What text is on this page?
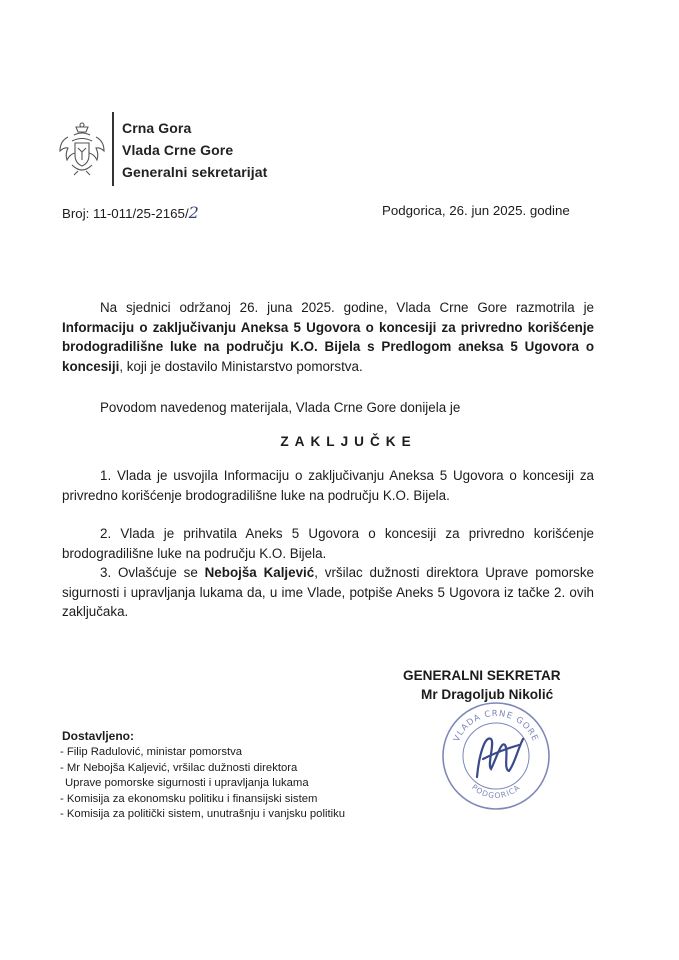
Crna Gora
Vlada Crne Gore
Generalni sekretarijat
Broj: 11-011/25-2165/2	Podgorica, 26. jun 2025. godine
Na sjednici održanoj 26. juna 2025. godine, Vlada Crne Gore razmotrila je Informaciju o zaključivanju Aneksa 5 Ugovora o koncesiji za privredno korišćenje brodogradilišne luke na području K.O. Bijela s Predlogom aneksa 5 Ugovora o koncesiji, koji je dostavilo Ministarstvo pomorstva.
Povodom navedenog materijala, Vlada Crne Gore donijela je
ZAKLJUČKE
1. Vlada je usvojila Informaciju o zaključivanju Aneksa 5 Ugovora o koncesiji za privredno korišćenje brodogradilišne luke na području K.O. Bijela.
2. Vlada je prihvatila Aneks 5 Ugovora o koncesiji za privredno korišćenje brodogradilišne luke na području K.O. Bijela.
3. Ovlašćuje se Nebojša Kaljević, vršilac dužnosti direktora Uprave pomorske sigurnosti i upravljanja lukama da, u ime Vlade, potpiše Aneks 5 Ugovora iz tačke 2. ovih zaključaka.
GENERALNI SEKRETAR
Mr Dragoljub Nikolić
VLADA CRNE GORE
PODGORICA
Dostavljeno:
- Filip Radulović, ministar pomorstva
- Mr Nebojša Kaljević, vršilac dužnosti direktora
Uprave pomorske sigurnosti i upravljanja lukama
- Komisija za ekonomsku politiku i finansijski sistem
- Komisija za politički sistem, unutrašnju i vanjsku politiku
